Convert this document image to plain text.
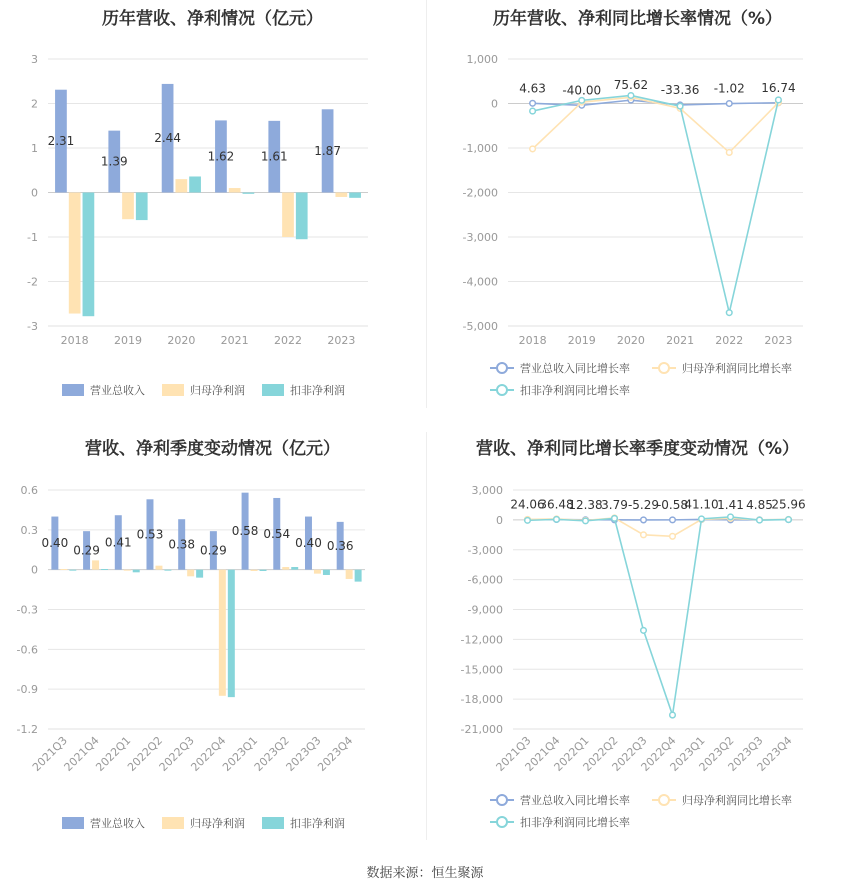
历年营收、净利情况（亿元）
3
2
1
0
-1
-2
-3
2018 2019 2020 2021 2022 2023
2.31
1.39
2.44
1.62 1.61 1.87
营业总收入	归母净利润	扣非净利润
历年营收、净利同比增长率情况（%）
1,000
0
-1,000
-2,000
-3,000
-4,000
-5,000
2018 2019 2020 2021 2022 2023
4.63 -40.00 75.62 -33.36 -1.02 16.74
营业总收入同比增长率	归母净利润同比增长率
扣非净利润同比增长率
营收、净利季度变动情况（亿元）
0.6
0.3
0
-0.3
-0.6
-0.9
-1.2
2021Q3
2021Q4
2022Q1
2022Q2
2022Q3
2022Q4
2023Q1
2023Q2
2023Q3
2023Q4
0.40
0.29
0.41
0.53
0.38 0.29
0.58 0.54
0.40 0.36
营业总收入	归母净利润	扣非净利润
营收、净利同比增长率季度变动情况（%）
3,000
0
-3,000
-6,000
-9,000
-12,000
-15,000
-18,000
-21,000
2021Q3
2021Q4
2022Q1
2022Q2
2022Q3
2022Q4
2023Q1
2023Q2
2023Q3
2023Q4
24.06
36.48
12.38
3.79 -5.29
-0.58
41.10
1.41 4.85
25.96
营业总收入同比增长率	归母净利润同比增长率
扣非净利润同比增长率
数据来源：恒生聚源
